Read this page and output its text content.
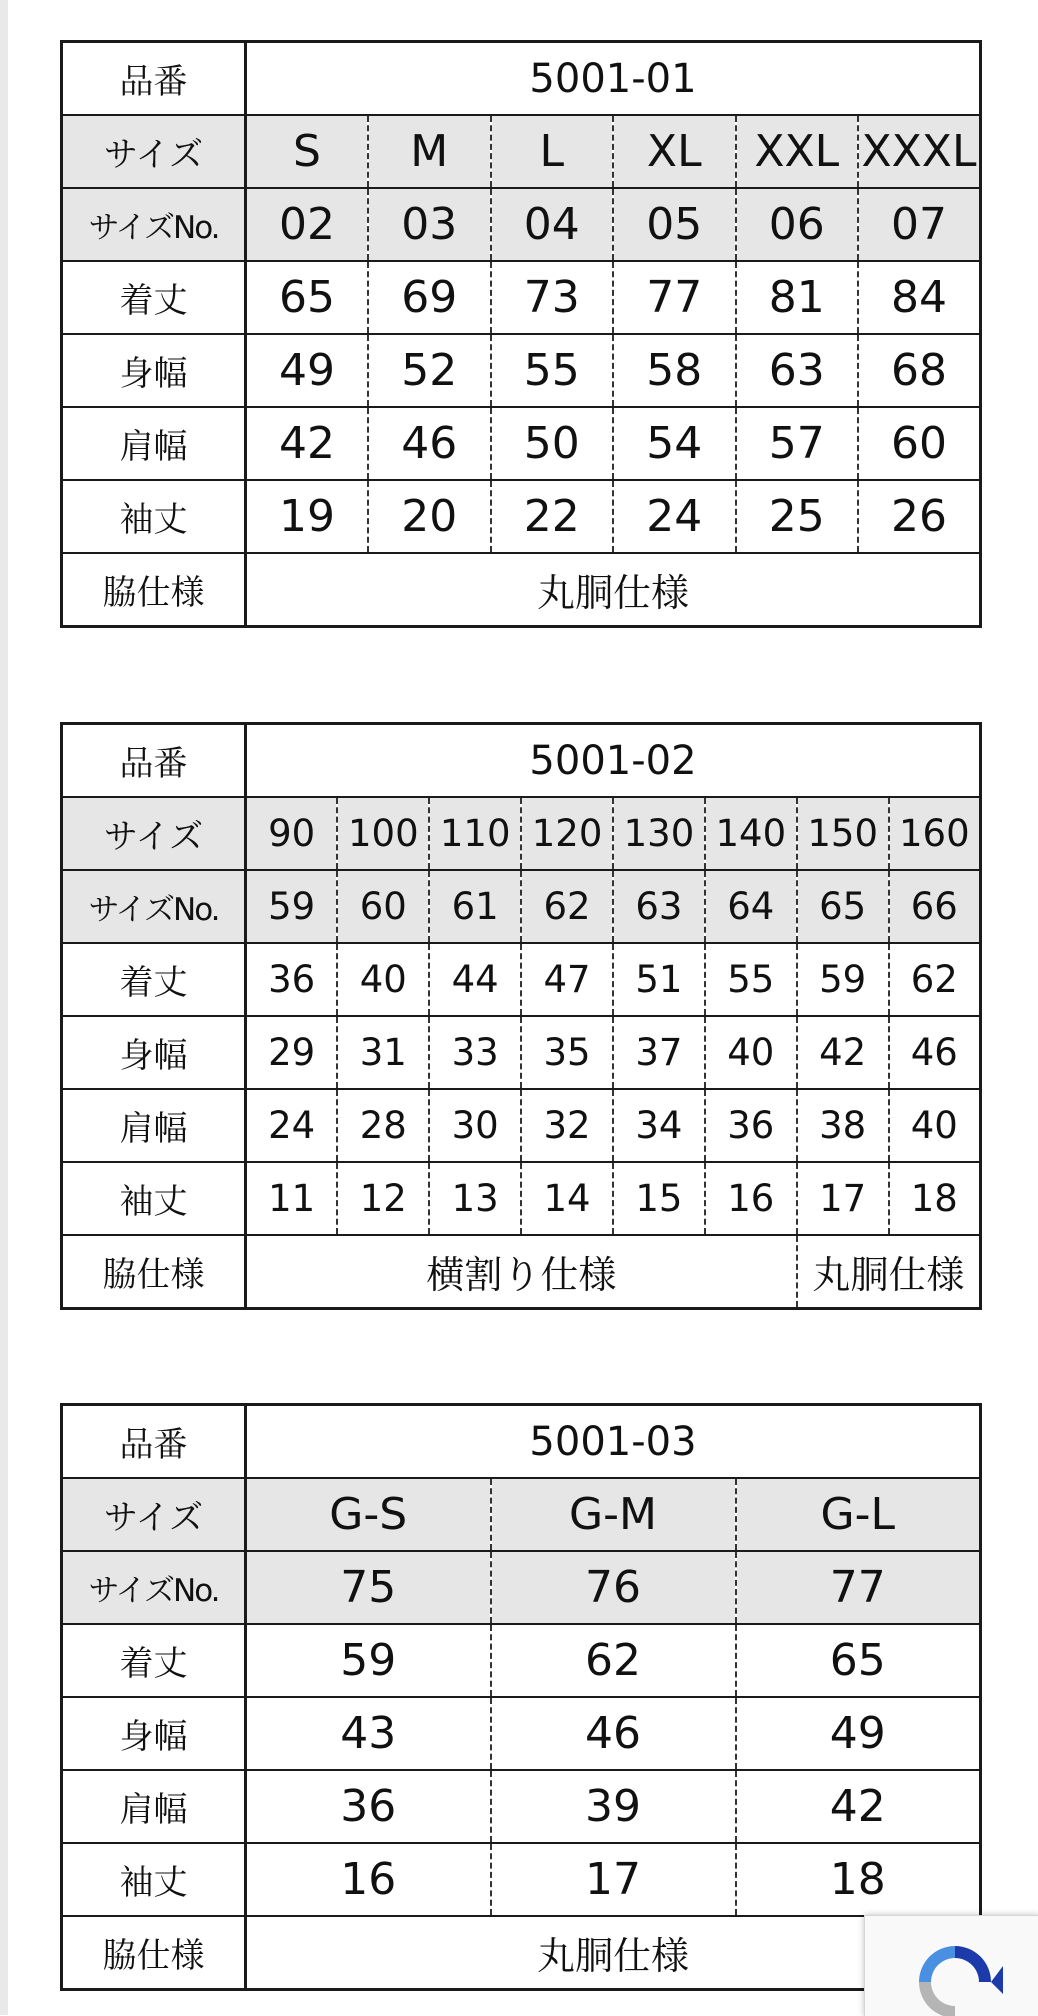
品番	5001-01					
サイズ	S	M	L	XL	XXL	XXXL
サイズNo.	02	03	04	05	06	07
着丈	65	69	73	77	81	84
身幅	49	52	55	58	63	68
肩幅	42	46	50	54	57	60
袖丈	19	20	22	24	25	26
脇仕様	丸胴仕様					
品番	5001-02							
サイズ	90	100	110	120	130	140	150	160
サイズNo.	59	60	61	62	63	64	65	66
着丈	36	40	44	47	51	55	59	62
身幅	29	31	33	35	37	40	42	46
肩幅	24	28	30	32	34	36	38	40
袖丈	11	12	13	14	15	16	17	18
脇仕様	横割り仕様						丸胴仕様	
品番	5001-03		
サイズ	G-S	G-M	G-L
サイズNo.	75	76	77
着丈	59	62	65
身幅	43	46	49
肩幅	36	39	42
袖丈	16	17	18
脇仕様	丸胴仕様		
